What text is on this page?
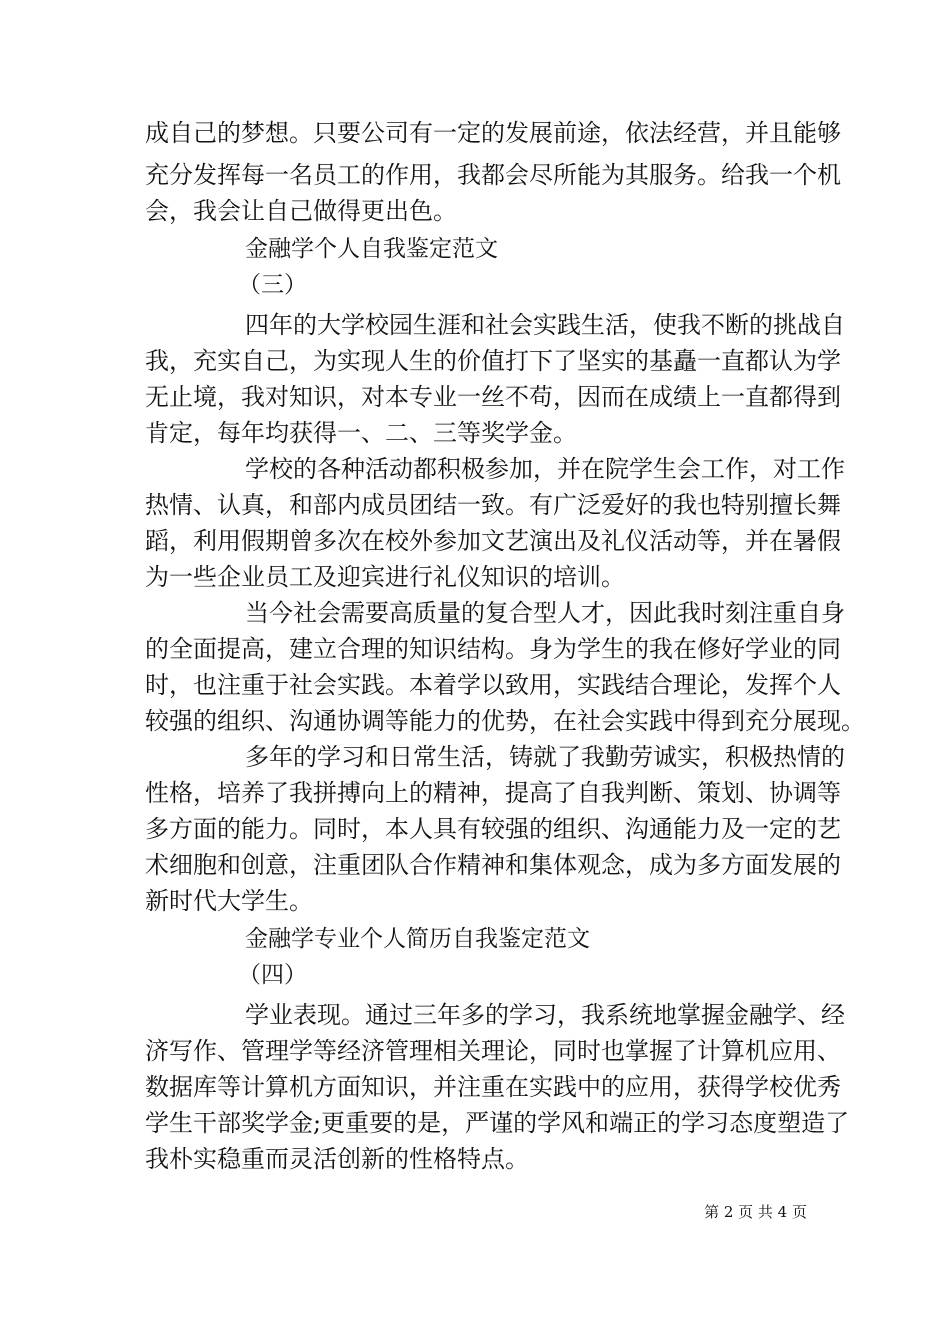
成自己的梦想。只要公司有一定的发展前途，依法经营，并且能够
充分发挥每一名员工的作用，我都会尽所能为其服务。给我一个机
会，我会让自己做得更出色。
金融学个人自我鉴定范文
（三）
四年的大学校园生涯和社会实践生活，使我不断的挑战自
我，充实自己，为实现人生的价值打下了坚实的基矗一直都认为学
无止境，我对知识，对本专业一丝不苟，因而在成绩上一直都得到
肯定，每年均获得一、二、三等奖学金。
学校的各种活动都积极参加，并在院学生会工作，对工作
热情、认真，和部内成员团结一致。有广泛爱好的我也特别擅长舞
蹈，利用假期曾多次在校外参加文艺演出及礼仪活动等，并在暑假
为一些企业员工及迎宾进行礼仪知识的培训。
当今社会需要高质量的复合型人才，因此我时刻注重自身
的全面提高，建立合理的知识结构。身为学生的我在修好学业的同
时，也注重于社会实践。本着学以致用，实践结合理论，发挥个人
较强的组织、沟通协调等能力的优势，在社会实践中得到充分展现。
多年的学习和日常生活，铸就了我勤劳诚实，积极热情的
性格，培养了我拼搏向上的精神，提高了自我判断、策划、协调等
多方面的能力。同时，本人具有较强的组织、沟通能力及一定的艺
术细胞和创意，注重团队合作精神和集体观念，成为多方面发展的
新时代大学生。
金融学专业个人简历自我鉴定范文
（四）
学业表现。通过三年多的学习，我系统地掌握金融学、经
济写作、管理学等经济管理相关理论，同时也掌握了计算机应用、
数据库等计算机方面知识，并注重在实践中的应用，获得学校优秀
学生干部奖学金;更重要的是，严谨的学风和端正的学习态度塑造了
我朴实稳重而灵活创新的性格特点。
第 2 页 共 4 页
